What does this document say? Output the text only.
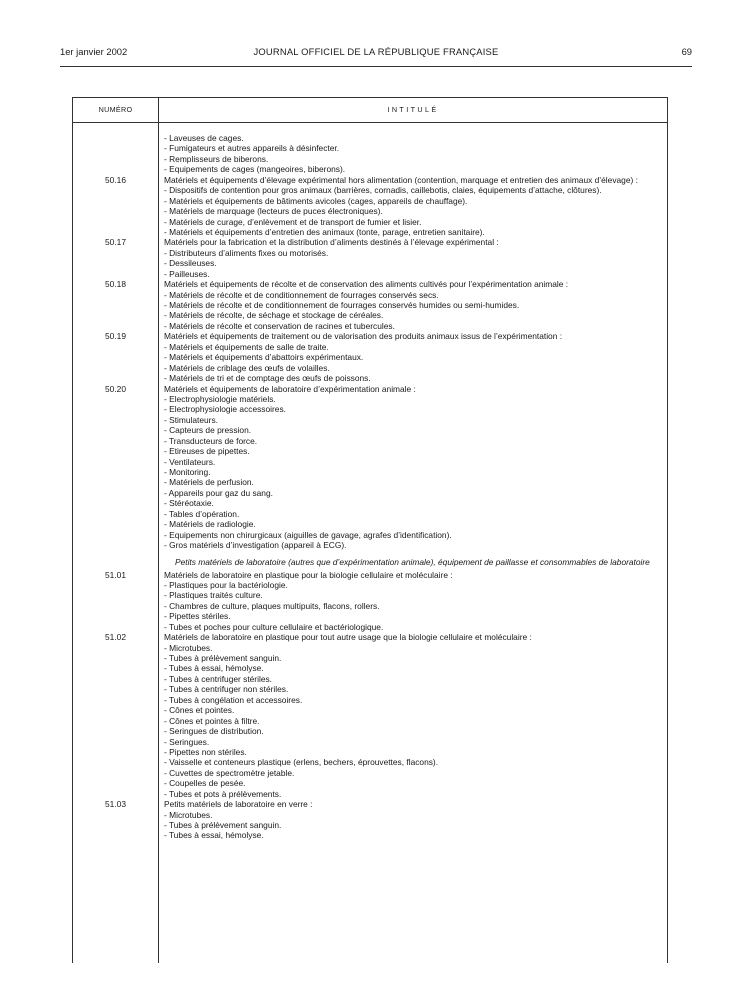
1er janvier 2002	JOURNAL OFFICIEL DE LA RÉPUBLIQUE FRANÇAISE	69
NUMÉRO	INTITULÉ
- Laveuses de cages.
- Fumigateurs et autres appareils à désinfecter.
- Remplisseurs de biberons.
- Equipements de cages (mangeoires, biberons).
50.16	Matériels et équipements d’élevage expérimental hors alimentation (contention, marquage et entretien des animaux d’élevage) :
- Dispositifs de contention pour gros animaux (barrières, cornadis, caillebotis, claies, équipements d’attache, clôtures).
- Matériels et équipements de bâtiments avicoles (cages, appareils de chauffage).
- Matériels de marquage (lecteurs de puces électroniques).
- Matériels de curage, d’enlèvement et de transport de fumier et lisier.
- Matériels et équipements d’entretien des animaux (tonte, parage, entretien sanitaire).
50.17	Matériels pour la fabrication et la distribution d’aliments destinés à l’élevage expérimental :
- Distributeurs d’aliments fixes ou motorisés.
- Dessileuses.
- Pailleuses.
50.18	Matériels et équipements de récolte et de conservation des aliments cultivés pour l’expérimentation animale :
- Matériels de récolte et de conditionnement de fourrages conservés secs.
- Matériels de récolte et de conditionnement de fourrages conservés humides ou semi-humides.
- Matériels de récolte, de séchage et stockage de céréales.
- Matériels de récolte et conservation de racines et tubercules.
50.19	Matériels et équipements de traitement ou de valorisation des produits animaux issus de l’expérimentation :
- Matériels et équipements de salle de traite.
- Matériels et équipements d’abattoirs expérimentaux.
- Matériels de criblage des œufs de volailles.
- Matériels de tri et de comptage des œufs de poissons.
50.20	Matériels et équipements de laboratoire d’expérimentation animale :
- Electrophysiologie matériels.
- Electrophysiologie accessoires.
- Stimulateurs.
- Capteurs de pression.
- Transducteurs de force.
- Etireuses de pipettes.
- Ventilateurs.
- Monitoring.
- Matériels de perfusion.
- Appareils pour gaz du sang.
- Stéréotaxie.
- Tables d’opération.
- Matériels de radiologie.
- Equipements non chirurgicaux (aiguilles de gavage, agrafes d’identification).
- Gros matériels d’investigation (appareil à ECG).
Petits matériels de laboratoire (autres que d’expérimentation animale), équipement de paillasse et consommables de laboratoire
51.01	Matériels de laboratoire en plastique pour la biologie cellulaire et moléculaire :
- Plastiques pour la bactériologie.
- Plastiques traités culture.
- Chambres de culture, plaques multipuits, flacons, rollers.
- Pipettes stériles.
- Tubes et poches pour culture cellulaire et bactériologique.
51.02	Matériels de laboratoire en plastique pour tout autre usage que la biologie cellulaire et moléculaire :
- Microtubes.
- Tubes à prélèvement sanguin.
- Tubes à essai, hémolyse.
- Tubes à centrifuger stériles.
- Tubes à centrifuger non stériles.
- Tubes à congélation et accessoires.
- Cônes et pointes.
- Cônes et pointes à filtre.
- Seringues de distribution.
- Seringues.
- Pipettes non stériles.
- Vaisselle et conteneurs plastique (erlens, bechers, éprouvettes, flacons).
- Cuvettes de spectromètre jetable.
- Coupelles de pesée.
- Tubes et pots à prélèvements.
51.03	Petits matériels de laboratoire en verre :
- Microtubes.
- Tubes à prélèvement sanguin.
- Tubes à essai, hémolyse.
